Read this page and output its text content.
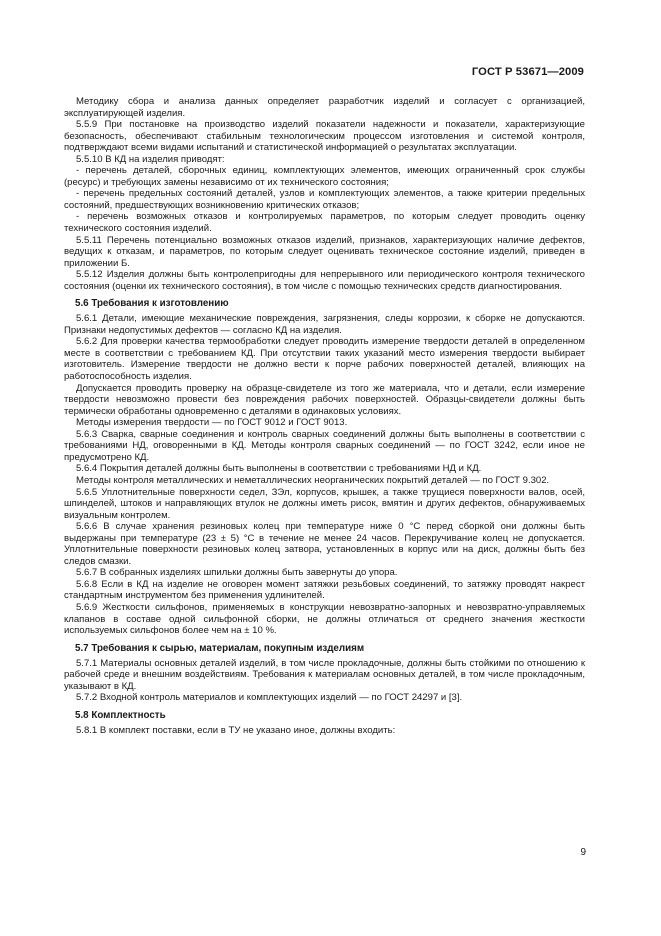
ГОСТ Р 53671—2009

Методику сбора и анализа данных определяет разработчик изделий и согласует с организацией, эксплуатирующей изделия.

5.5.9 При постановке на производство изделий показатели надежности и показатели, характеризующие безопасность, обеспечивают стабильным технологическим процессом изготовления и системой контроля, подтверждают всеми видами испытаний и статистической информацией о результатах эксплуатации.

5.5.10 В КД на изделия приводят:

- перечень деталей, сборочных единиц, комплектующих элементов, имеющих ограниченный срок службы (ресурс) и требующих замены независимо от их технического состояния;

- перечень предельных состояний деталей, узлов и комплектующих элементов, а также критерии предельных состояний, предшествующих возникновению критических отказов;

- перечень возможных отказов и контролируемых параметров, по которым следует проводить оценку технического состояния изделий.

5.5.11 Перечень потенциально возможных отказов изделий, признаков, характеризующих наличие дефектов, ведущих к отказам, и параметров, по которым следует оценивать техническое состояние изделий, приведен в приложении Б.

5.5.12 Изделия должны быть контролепригодны для непрерывного или периодического контроля технического состояния (оценки их технического состояния), в том числе с помощью технических средств диагностирования.

5.6 Требования к изготовлению

5.6.1 Детали, имеющие механические повреждения, загрязнения, следы коррозии, к сборке не допускаются. Признаки недопустимых дефектов — согласно КД на изделия.

5.6.2 Для проверки качества термообработки следует проводить измерение твердости деталей в определенном месте в соответствии с требованием КД. При отсутствии таких указаний место измерения твердости выбирает изготовитель. Измерение твердости не должно вести к порче рабочих поверхностей деталей, влияющих на работоспособность изделия.

Допускается проводить проверку на образце-свидетеле из того же материала, что и детали, если измерение твердости невозможно провести без повреждения рабочих поверхностей. Образцы-свидетели должны быть термически обработаны одновременно с деталями в одинаковых условиях.

Методы измерения твердости — по ГОСТ 9012 и ГОСТ 9013.

5.6.3 Сварка, сварные соединения и контроль сварных соединений должны быть выполнены в соответствии с требованиями НД, оговоренными в КД. Методы контроля сварных соединений — по ГОСТ 3242, если иное не предусмотрено КД.

5.6.4 Покрытия деталей должны быть выполнены в соответствии с требованиями НД и КД.

Методы контроля металлических и неметаллических неорганических покрытий деталей — по ГОСТ 9.302.

5.6.5 Уплотнительные поверхности седел, ЗЭл, корпусов, крышек, а также трущиеся поверхности валов, осей, шпинделей, штоков и направляющих втулок не должны иметь рисок, вмятин и других дефектов, обнаруживаемых визуальным контролем.

5.6.6 В случае хранения резиновых колец при температуре ниже 0 °С перед сборкой они должны быть выдержаны при температуре (23 ± 5) °С в течение не менее 24 часов. Перекручивание колец не допускается. Уплотнительные поверхности резиновых колец затвора, установленных в корпус или на диск, должны быть без следов смазки.

5.6.7 В собранных изделиях шпильки должны быть завернуты до упора.

5.6.8 Если в КД на изделие не оговорен момент затяжки резьбовых соединений, то затяжку проводят накрест стандартным инструментом без применения удлинителей.

5.6.9 Жесткости сильфонов, применяемых в конструкции невозвратно-запорных и невозвратно-управляемых клапанов в составе одной сильфонной сборки, не должны отличаться от среднего значения жесткости используемых сильфонов более чем на ± 10 %.

5.7 Требования к сырью, материалам, покупным изделиям

5.7.1 Материалы основных деталей изделий, в том числе прокладочные, должны быть стойкими по отношению к рабочей среде и внешним воздействиям. Требования к материалам основных деталей, в том числе прокладочным, указывают в КД.

5.7.2 Входной контроль материалов и комплектующих изделий — по ГОСТ 24297 и [3].

5.8 Комплектность

5.8.1 В комплект поставки, если в ТУ не указано иное, должны входить:

9
